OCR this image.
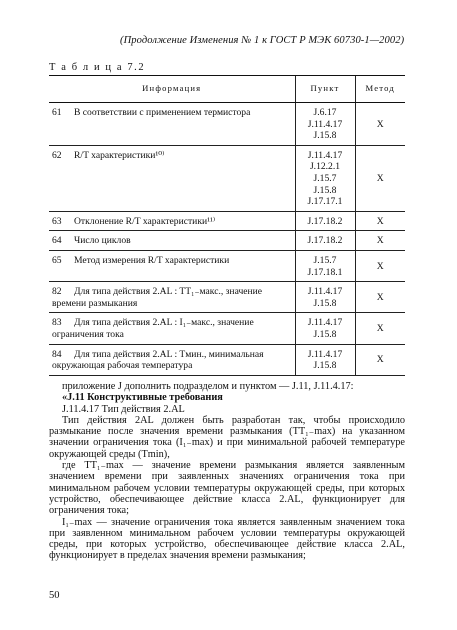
(Продолжение Изменения № 1 к ГОСТ Р МЭК 60730-1—2002)
Т а б л и ц а 7.2
Информация	Пункт	Метод
61 В соответствии с применением термистора	J.6.17
J.11.4.17
J.15.8	X
62 R/T характеристики¹⁰⁾	J.11.4.17
J.12.2.1
J.15.7
J.15.8
J.17.17.1	X
63 Отклонение R/T характеристики¹¹⁾	J.17.18.2	X
64 Число циклов	J.17.18.2	X
65 Метод измерения R/T характеристики	J.15.7
J.17.18.1	X
82 Для типа действия 2.AL : TT₁₋макс., значение времени размыкания	J.11.4.17
J.15.8	X
83 Для типа действия 2.AL : I₁₋макс., значение ограничения тока	J.11.4.17
J.15.8	X
84 Для типа действия 2.AL : Tмин., минимальная окружающая рабочая температура	J.11.4.17
J.15.8	X

приложение J дополнить подразделом и пунктом — J.11, J.11.4.17:

«J.11 Конструктивные требования

J.11.4.17 Тип действия 2.AL

Тип действия 2AL должен быть разработан так, чтобы происходило размыкание после значения времени размыкания (TT₁₋max) на указанном значении ограничения тока (I₁₋max) и при минимальной рабочей температуре окружающей среды (Tmin),

где TT₁₋max — значение времени размыкания является заявленным значением времени при заявленных значениях ограничения тока при минимальном рабочем условии температуры окружающей среды, при которых устройство, обеспечивающее действие класса 2.AL, функционирует для ограничения тока;

I₁₋max — значение ограничения тока является заявленным значением тока при заявленном минимальном рабочем условии температуры окружающей среды, при которых устройство, обеспечивающее действие класса 2.AL, функционирует в пределах значения времени размыкания;

50
